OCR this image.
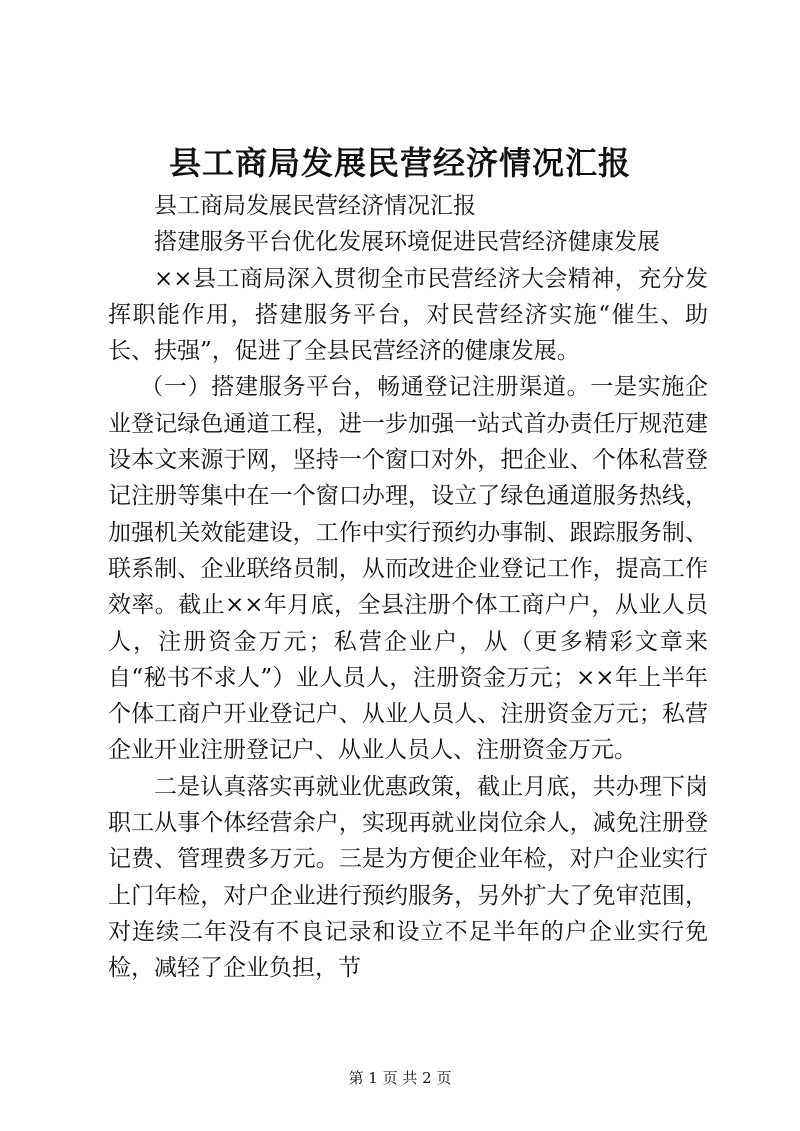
县工商局发展民营经济情况汇报

县工商局发展民营经济情况汇报

搭建服务平台优化发展环境促进民营经济健康发展

××县工商局深入贯彻全市民营经济大会精神，充分发挥职能作用，搭建服务平台，对民营经济实施“催生、助长、扶强”，促进了全县民营经济的健康发展。

（一）搭建服务平台，畅通登记注册渠道。一是实施企业登记绿色通道工程，进一步加强一站式首办责任厅规范建设本文来源于网，坚持一个窗口对外，把企业、个体私营登记注册等集中在一个窗口办理，设立了绿色通道服务热线，加强机关效能建设，工作中实行预约办事制、跟踪服务制、联系制、企业联络员制，从而改进企业登记工作，提高工作效率。截止××年月底，全县注册个体工商户户，从业人员人，注册资金万元；私营企业户，从（更多精彩文章来自“秘书不求人”）业人员人，注册资金万元；××年上半年个体工商户开业登记户、从业人员人、注册资金万元；私营企业开业注册登记户、从业人员人、注册资金万元。

二是认真落实再就业优惠政策，截止月底，共办理下岗职工从事个体经营余户，实现再就业岗位余人，减免注册登记费、管理费多万元。三是为方便企业年检，对户企业实行上门年检，对户企业进行预约服务，另外扩大了免审范围，对连续二年没有不良记录和设立不足半年的户企业实行免检，减轻了企业负担，节

第 1 页 共 2 页
